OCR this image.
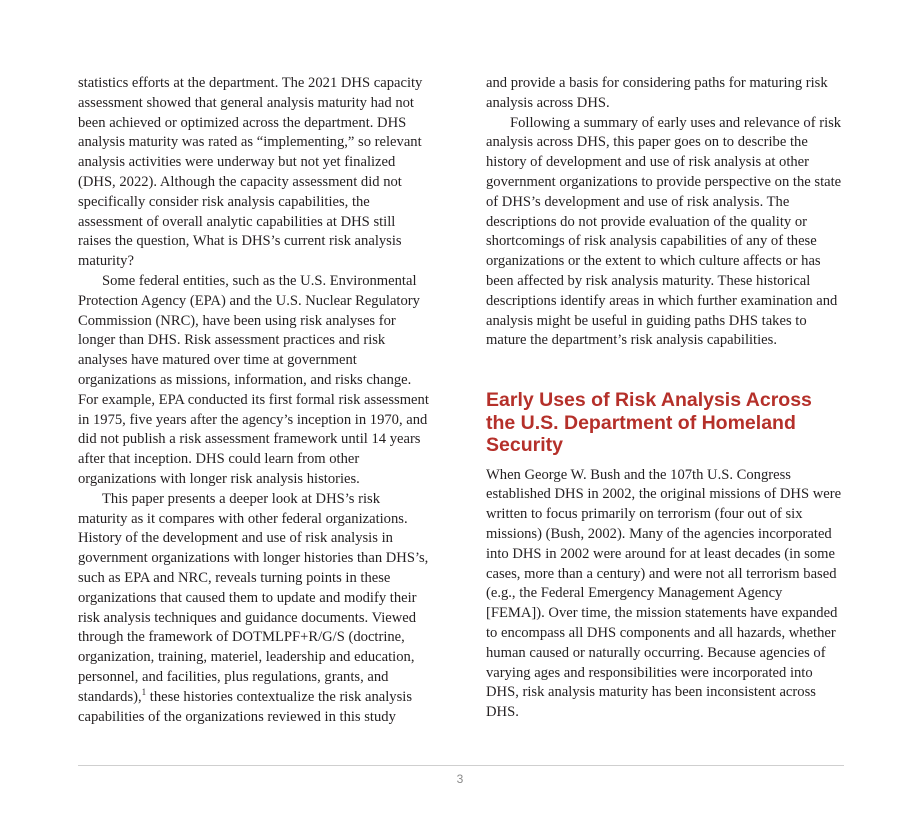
statistics efforts at the department. The 2021 DHS capacity assessment showed that general analysis maturity had not been achieved or optimized across the department. DHS analysis maturity was rated as “implementing,” so relevant analysis activities were underway but not yet finalized (DHS, 2022). Although the capacity assessment did not specifically consider risk analysis capabilities, the assessment of overall analytic capabilities at DHS still raises the question, What is DHS’s current risk analysis maturity?

Some federal entities, such as the U.S. Environmental Protection Agency (EPA) and the U.S. Nuclear Regulatory Commission (NRC), have been using risk analyses for longer than DHS. Risk assessment practices and risk analyses have matured over time at government organizations as missions, information, and risks change. For example, EPA conducted its first formal risk assessment in 1975, five years after the agency’s inception in 1970, and did not publish a risk assessment framework until 14 years after that inception. DHS could learn from other organizations with longer risk analysis histories.

This paper presents a deeper look at DHS’s risk maturity as it compares with other federal organizations. History of the development and use of risk analysis in government organizations with longer histories than DHS’s, such as EPA and NRC, reveals turning points in these organizations that caused them to update and modify their risk analysis techniques and guidance documents. Viewed through the framework of DOTMLPF+R/G/S (doctrine, organization, training, materiel, leadership and education, personnel, and facilities, plus regulations, grants, and standards),$^1$ these histories contextualize the risk analysis capabilities of the organizations reviewed in this study

and provide a basis for considering paths for maturing risk analysis across DHS.

Following a summary of early uses and relevance of risk analysis across DHS, this paper goes on to describe the history of development and use of risk analysis at other government organizations to provide perspective on the state of DHS’s development and use of risk analysis. The descriptions do not provide evaluation of the quality or shortcomings of risk analysis capabilities of any of these organizations or the extent to which culture affects or has been affected by risk analysis maturity. These historical descriptions identify areas in which further examination and analysis might be useful in guiding paths DHS takes to mature the department’s risk analysis capabilities.

Early Uses of Risk Analysis Across the U.S. Department of Homeland Security

When George W. Bush and the 107th U.S. Congress established DHS in 2002, the original missions of DHS were written to focus primarily on terrorism (four out of six missions) (Bush, 2002). Many of the agencies incorporated into DHS in 2002 were around for at least decades (in some cases, more than a century) and were not all terrorism based (e.g., the Federal Emergency Management Agency [FEMA]). Over time, the mission statements have expanded to encompass all DHS components and all hazards, whether human caused or naturally occurring. Because agencies of varying ages and responsibilities were incorporated into DHS, risk analysis maturity has been inconsistent across DHS.

3
